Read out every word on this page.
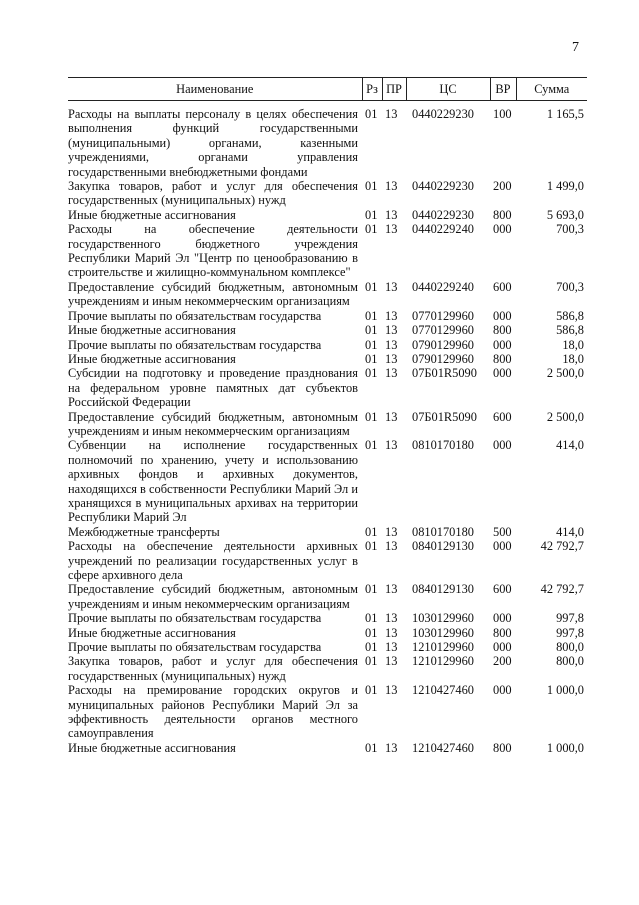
7
Наименование	Рз	ПР	ЦС	ВР	Сумма
Расходы на выплаты персоналу в целях обеспечения выполнения функций государственными (муниципальными) органами, казенными учреждениями, органами управления государственными внебюджетными фондами	01	13	0440229230	100	1 165,5
Закупка товаров, работ и услуг для обеспечения государственных (муниципальных) нужд	01	13	0440229230	200	1 499,0
Иные бюджетные ассигнования	01	13	0440229230	800	5 693,0
Расходы на обеспечение деятельности государственного бюджетного учреждения Республики Марий Эл "Центр по ценообразованию в строительстве и жилищно-коммунальном комплексе"	01	13	0440229240	000	700,3
Предоставление субсидий бюджетным, автономным учреждениям и иным некоммерческим организациям	01	13	0440229240	600	700,3
Прочие выплаты по обязательствам государства	01	13	0770129960	000	586,8
Иные бюджетные ассигнования	01	13	0770129960	800	586,8
Прочие выплаты по обязательствам государства	01	13	0790129960	000	18,0
Иные бюджетные ассигнования	01	13	0790129960	800	18,0
Субсидии на подготовку и проведение празднования на федеральном уровне памятных дат субъектов Российской Федерации	01	13	07Б01R5090	000	2 500,0
Предоставление субсидий бюджетным, автономным учреждениям и иным некоммерческим организациям	01	13	07Б01R5090	600	2 500,0
Субвенции на исполнение государственных полномочий по хранению, учету и использованию архивных фондов и архивных документов, находящихся в собственности Республики Марий Эл и хранящихся в муниципальных архивах на территории Республики Марий Эл	01	13	0810170180	000	414,0
Межбюджетные трансферты	01	13	0810170180	500	414,0
Расходы на обеспечение деятельности архивных учреждений по реализации государственных услуг в сфере архивного дела	01	13	0840129130	000	42 792,7
Предоставление субсидий бюджетным, автономным учреждениям и иным некоммерческим организациям	01	13	0840129130	600	42 792,7
Прочие выплаты по обязательствам государства	01	13	1030129960	000	997,8
Иные бюджетные ассигнования	01	13	1030129960	800	997,8
Прочие выплаты по обязательствам государства	01	13	1210129960	000	800,0
Закупка товаров, работ и услуг для обеспечения государственных (муниципальных) нужд	01	13	1210129960	200	800,0
Расходы на премирование городских округов и муниципальных районов Республики Марий Эл за эффективность деятельности органов местного самоуправления	01	13	1210427460	000	1 000,0
Иные бюджетные ассигнования	01	13	1210427460	800	1 000,0
